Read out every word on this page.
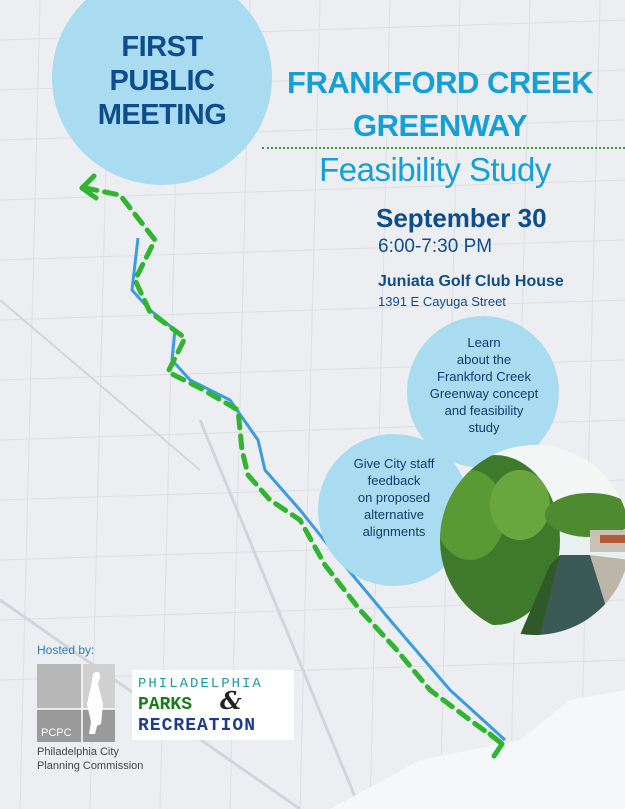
FIRST
PUBLIC
MEETING
FRANKFORD CREEK
GREENWAY
Feasibility Study
September 30
6:00-7:30 PM
Juniata Golf Club House
1391 E Cayuga Street
Learn
about the
Frankford Creek
Greenway concept
and feasibility
study
Give City staff
feedback
on proposed
alternative
alignments
Hosted by:
PCPC
Philadelphia City
Planning Commission
PHILADELPHIA
PARKS &
RECREATION
